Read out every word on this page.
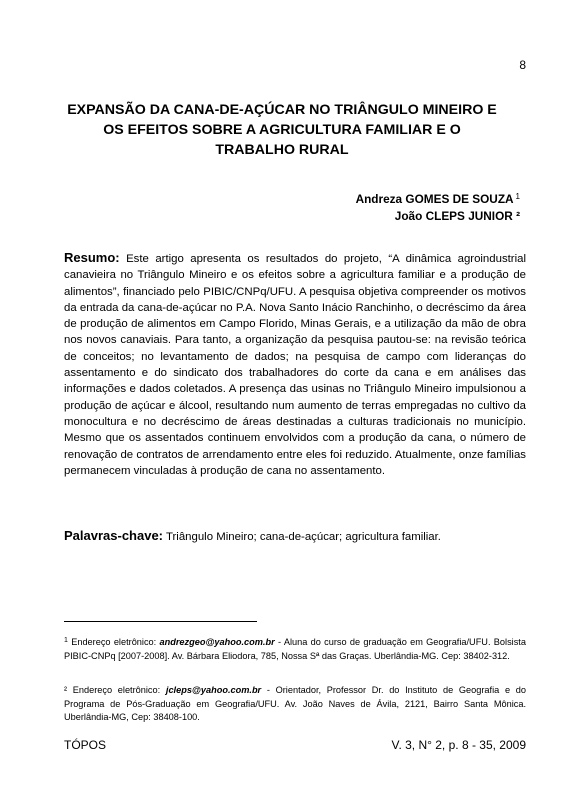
8
EXPANSÃO DA CANA-DE-AÇÚCAR NO TRIÂNGULO MINEIRO E OS EFEITOS SOBRE A AGRICULTURA FAMILIAR E O TRABALHO RURAL
Andreza GOMES DE SOUZA $^1$
João CLEPS JUNIOR ²
Resumo: Este artigo apresenta os resultados do projeto, “A dinâmica agroindustrial canavieira no Triângulo Mineiro e os efeitos sobre a agricultura familiar e a produção de alimentos”, financiado pelo PIBIC/CNPq/UFU. A pesquisa objetiva compreender os motivos da entrada da cana-de-açúcar no P.A. Nova Santo Inácio Ranchinho, o decréscimo da área de produção de alimentos em Campo Florido, Minas Gerais, e a utilização da mão de obra nos novos canaviais. Para tanto, a organização da pesquisa pautou-se: na revisão teórica de conceitos; no levantamento de dados; na pesquisa de campo com lideranças do assentamento e do sindicato dos trabalhadores do corte da cana e em análises das informações e dados coletados. A presença das usinas no Triângulo Mineiro impulsionou a produção de açúcar e álcool, resultando num aumento de terras empregadas no cultivo da monocultura e no decréscimo de áreas destinadas a culturas tradicionais no município. Mesmo que os assentados continuem envolvidos com a produção da cana, o número de renovação de contratos de arrendamento entre eles foi reduzido. Atualmente, onze famílias permanecem vinculadas à produção de cana no assentamento.
Palavras-chave: Triângulo Mineiro; cana-de-açúcar; agricultura familiar.
$^1$ Endereço eletrônico: andrezgeo@yahoo.com.br - Aluna do curso de graduação em Geografia/UFU. Bolsista PIBIC-CNPq [2007-2008]. Av. Bárbara Eliodora, 785, Nossa Sª das Graças. Uberlândia-MG. Cep: 38402-312.
² Endereço eletrônico: jcleps@yahoo.com.br - Orientador, Professor Dr. do Instituto de Geografia e do Programa de Pós-Graduação em Geografia/UFU. Av. João Naves de Ávila, 2121, Bairro Santa Mônica. Uberlândia-MG, Cep: 38408-100.
TÓPOS	V. 3, N° 2, p. 8 - 35, 2009
